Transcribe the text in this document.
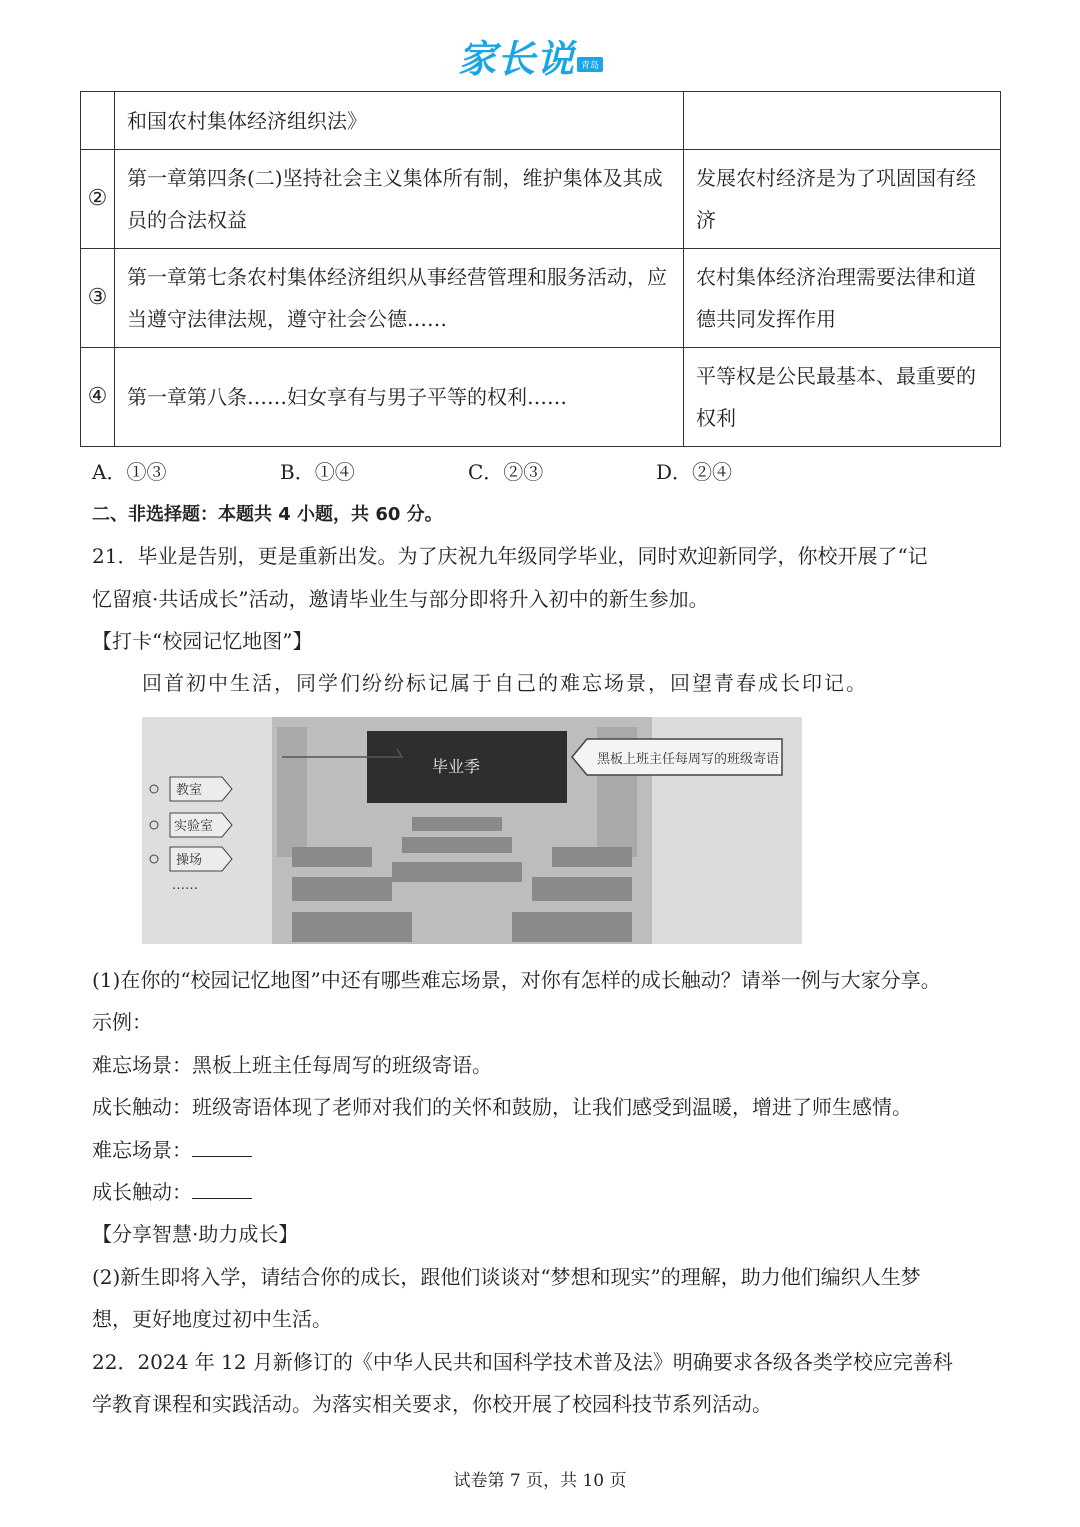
家长说 青岛
	和国农村集体经济组织法》	
②	第一章第四条(二)坚持社会主义集体所有制，维护集体及其成员的合法权益	发展农村经济是为了巩固国有经济
③	第一章第七条农村集体经济组织从事经营管理和服务活动，应当遵守法律法规，遵守社会公德……	农村集体经济治理需要法律和道德共同发挥作用
④	第一章第八条……妇女享有与男子平等的权利……	平等权是公民最基本、最重要的权利
A．①③	B．①④	C．②③	D．②④
二、非选择题：本题共 4 小题，共 60 分。
21．毕业是告别，更是重新出发。为了庆祝九年级同学毕业，同时欢迎新同学，你校开展了“记
忆留痕·共话成长”活动，邀请毕业生与部分即将升入初中的新生参加。
【打卡“校园记忆地图”】
回首初中生活，同学们纷纷标记属于自己的难忘场景，回望青春成长印记。
毕业季	黑板上班主任每周写的班级寄语
教室
实验室
操场
……
(1)在你的“校园记忆地图”中还有哪些难忘场景，对你有怎样的成长触动？请举一例与大家分享。
示例：
难忘场景：黑板上班主任每周写的班级寄语。
成长触动：班级寄语体现了老师对我们的关怀和鼓励，让我们感受到温暖，增进了师生感情。
难忘场景：
成长触动：
【分享智慧·助力成长】
(2)新生即将入学，请结合你的成长，跟他们谈谈对“梦想和现实”的理解，助力他们编织人生梦
想，更好地度过初中生活。
22．2024 年 12 月新修订的《中华人民共和国科学技术普及法》明确要求各级各类学校应完善科
学教育课程和实践活动。为落实相关要求，你校开展了校园科技节系列活动。
试卷第 7 页，共 10 页
